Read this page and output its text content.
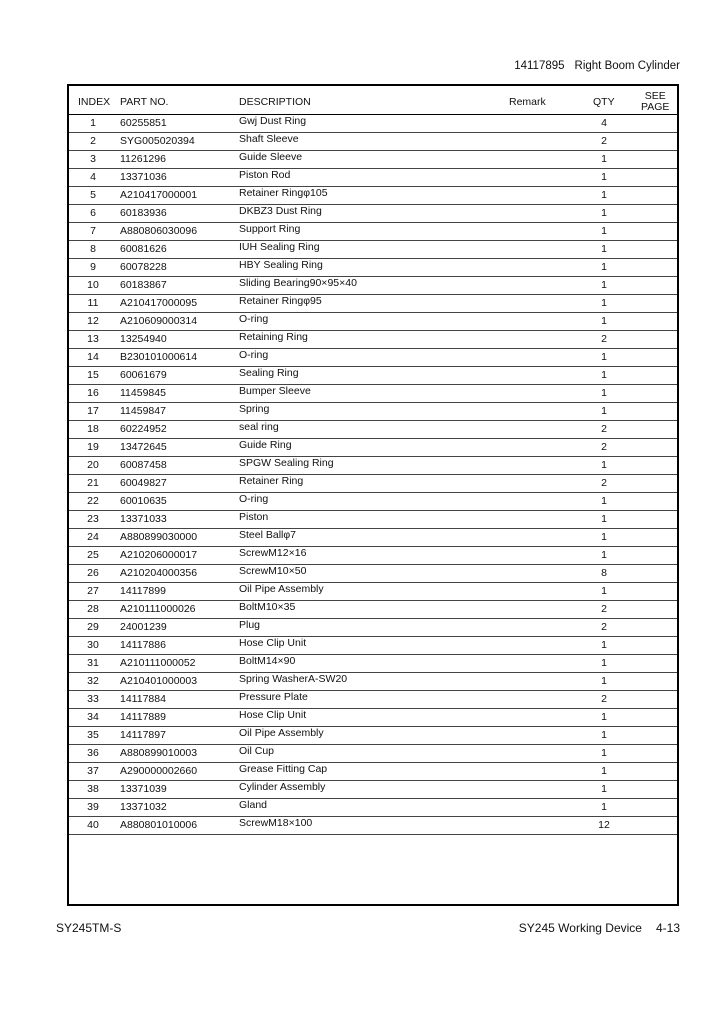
14117895 Right Boom Cylinder
INDEX PART NO.	DESCRIPTION	Remark	QTY	SEE
PAGE
1	60255851	Gwj Dust Ring	4
2	SYG005020394	Shaft Sleeve	2
3	11261296	Guide Sleeve	1
4	13371036	Piston Rod	1
5	A210417000001	Retainer Ringφ105	1
6	60183936	DKBZ3 Dust Ring	1
7	A880806030096	Support Ring	1
8	60081626	IUH Sealing Ring	1
9	60078228	HBY Sealing Ring	1
10	60183867	Sliding Bearing90×95×40	1
11	A210417000095	Retainer Ringφ95	1
12	A210609000314	O-ring	1
13	13254940	Retaining Ring	2
14	B230101000614	O-ring	1
15	60061679	Sealing Ring	1
16	11459845	Bumper Sleeve	1
17	11459847	Spring	1
18	60224952	seal ring	2
19	13472645	Guide Ring	2
20	60087458	SPGW Sealing Ring	1
21	60049827	Retainer Ring	2
22	60010635	O-ring	1
23	13371033	Piston	1
24	A880899030000	Steel Ballφ7	1
25	A210206000017	ScrewM12×16	1
26	A210204000356	ScrewM10×50	8
27	14117899	Oil Pipe Assembly	1
28	A210111000026	BoltM10×35	2
29	24001239	Plug	2
30	14117886	Hose Clip Unit	1
31	A210111000052	BoltM14×90	1
32	A210401000003	Spring WasherA-SW20	1
33	14117884	Pressure Plate	2
34	14117889	Hose Clip Unit	1
35	14117897	Oil Pipe Assembly	1
36	A880899010003	Oil Cup	1
37	A290000002660	Grease Fitting Cap	1
38	13371039	Cylinder Assembly	1
39	13371032	Gland	1
40	A880801010006	ScrewM18×100	12
SY245TM-S	SY245 Working Device 4-13
